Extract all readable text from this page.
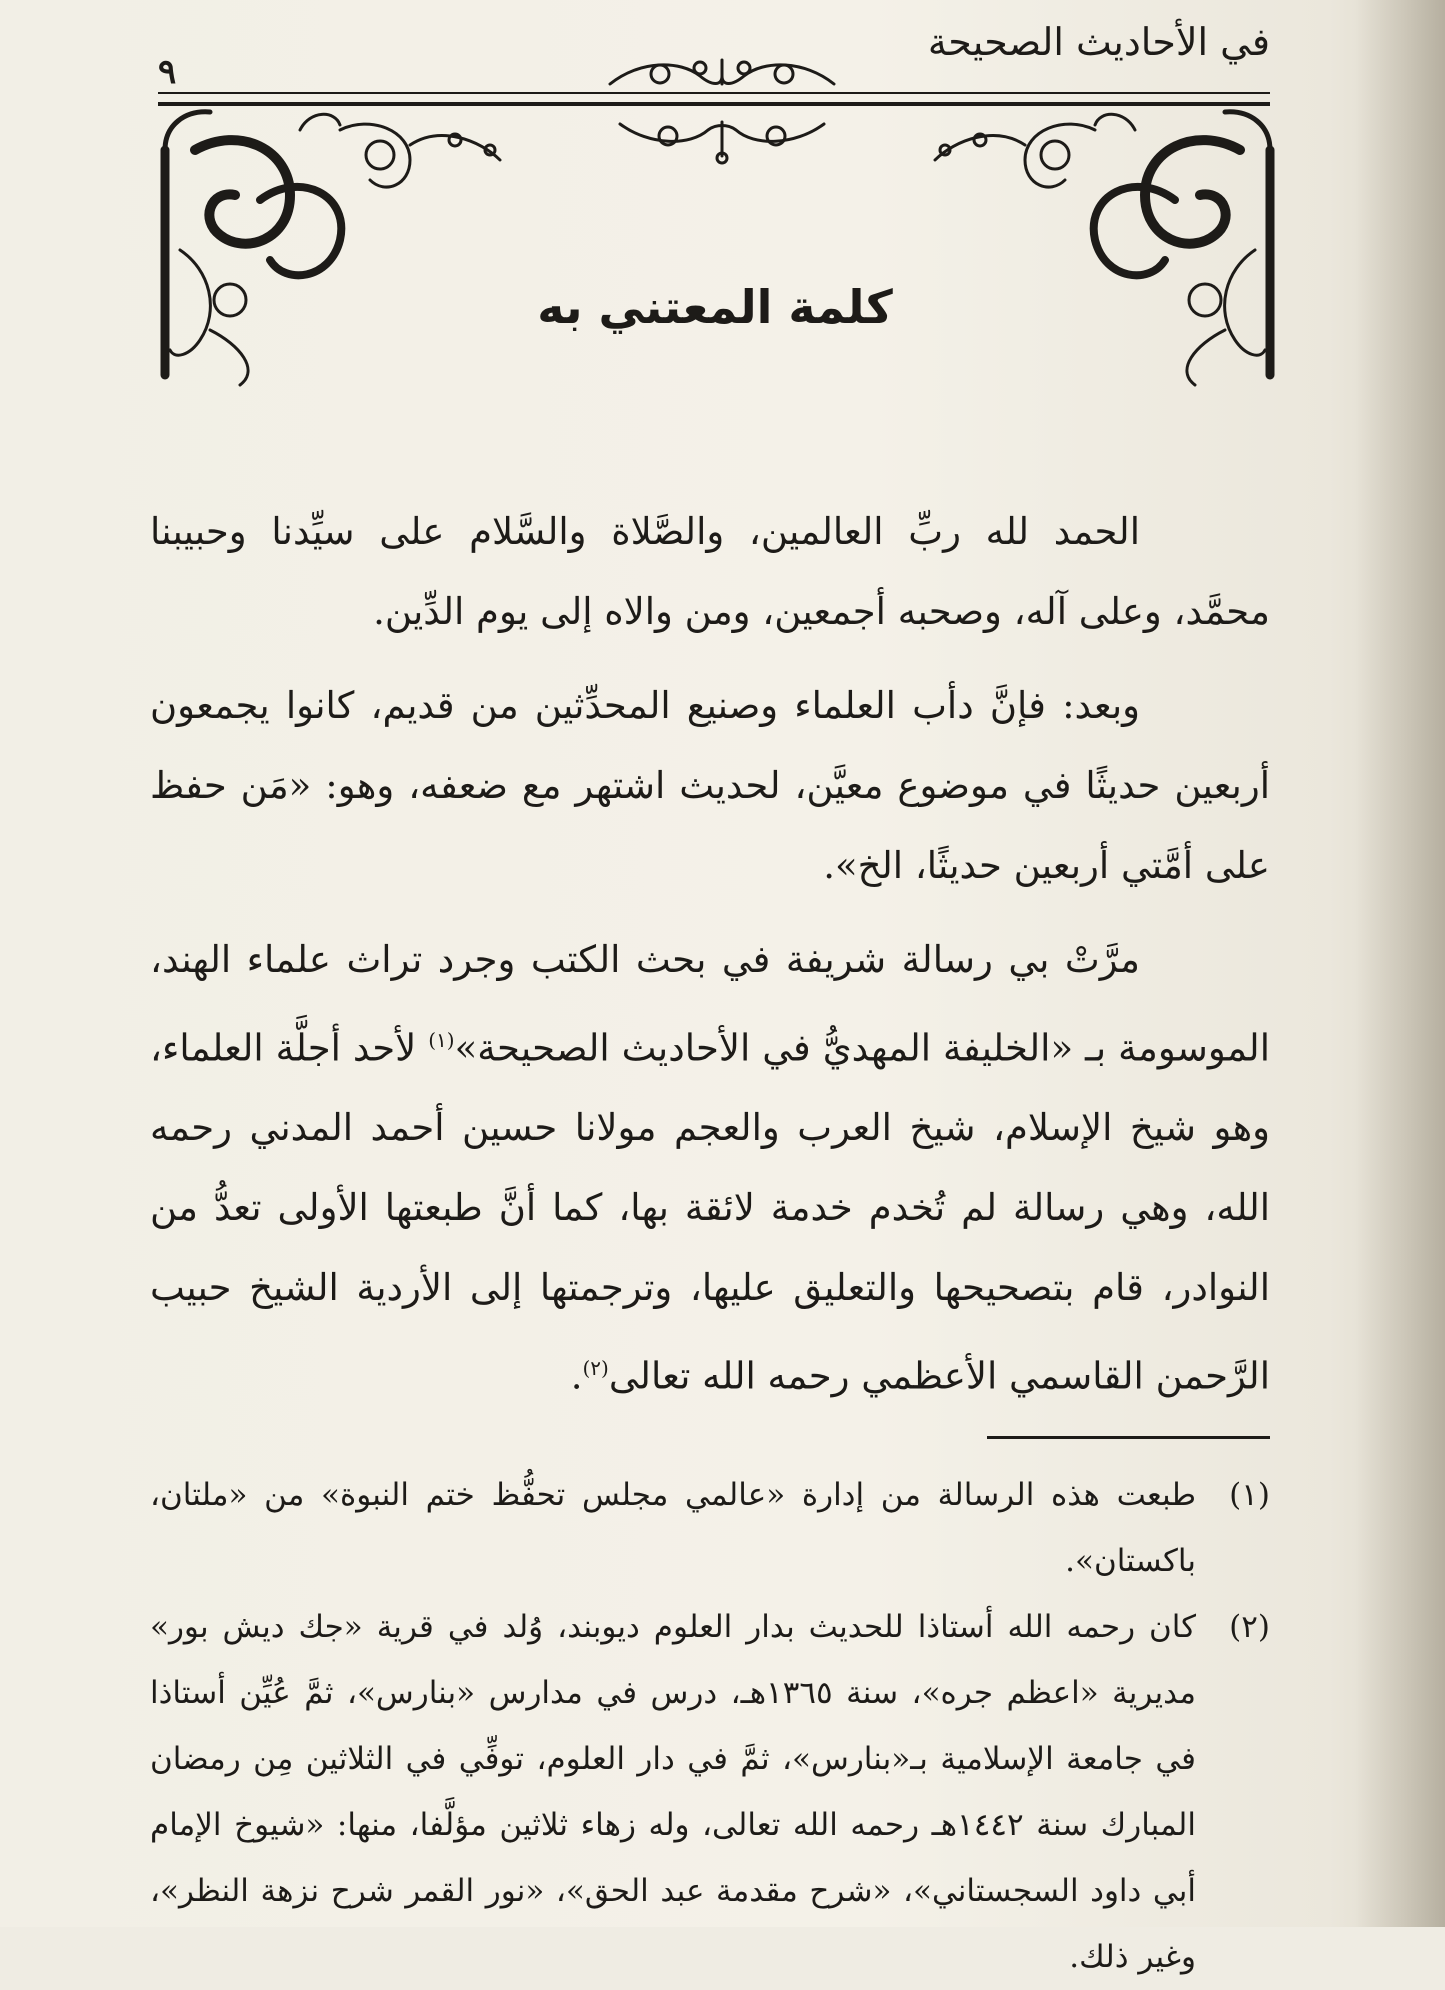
في الأحاديث الصحيحة
٩
كلمة المعتني به

الحمد لله ربِّ العالمين، والصَّلاة والسَّلام على سيِّدنا وحبيبنا محمَّد، وعلى آله، وصحبه أجمعين، ومن والاه إلى يوم الدِّين.

وبعد: فإنَّ دأب العلماء وصنيع المحدِّثين من قديم، كانوا يجمعون أربعين حديثًا في موضوع معيَّن، لحديث اشتهر مع ضعفه، وهو: «مَن حفظ على أمَّتي أربعين حديثًا، الخ».

مرَّتْ بي رسالة شريفة في بحث الكتب وجرد تراث علماء الهند، الموسومة بـ «الخليفة المهديُّ في الأحاديث الصحيحة»$^{(١)}$ لأحد أجلَّة العلماء، وهو شيخ الإسلام، شيخ العرب والعجم مولانا حسين أحمد المدني رحمه الله، وهي رسالة لم تُخدم خدمة لائقة بها، كما أنَّ طبعتها الأولى تعدُّ من النوادر، قام بتصحيحها والتعليق عليها، وترجمتها إلى الأردية الشيخ حبيب الرَّحمن القاسمي الأعظمي رحمه الله تعالى$^{(٢)}$.

(١)
طبعت هذه الرسالة من إدارة «عالمي مجلس تحفُّظ ختم النبوة» من «ملتان، باكستان».
(٢)
كان رحمه الله أستاذا للحديث بدار العلوم ديوبند، وُلد في قرية «جك ديش بور» مديرية «اعظم جره»، سنة ١٣٦٥هـ، درس في مدارس «بنارس»، ثمَّ عُيِّن أستاذا في جامعة الإسلامية بـ«بنارس»، ثمَّ في دار العلوم، توفِّي في الثلاثين مِن رمضان المبارك سنة ١٤٤٢هـ رحمه الله تعالى، وله زهاء ثلاثين مؤلَّفا، منها: «شيوخ الإمام أبي داود السجستاني»، «شرح مقدمة عبد الحق»، «نور القمر شرح نزهة النظر»، وغير ذلك.
